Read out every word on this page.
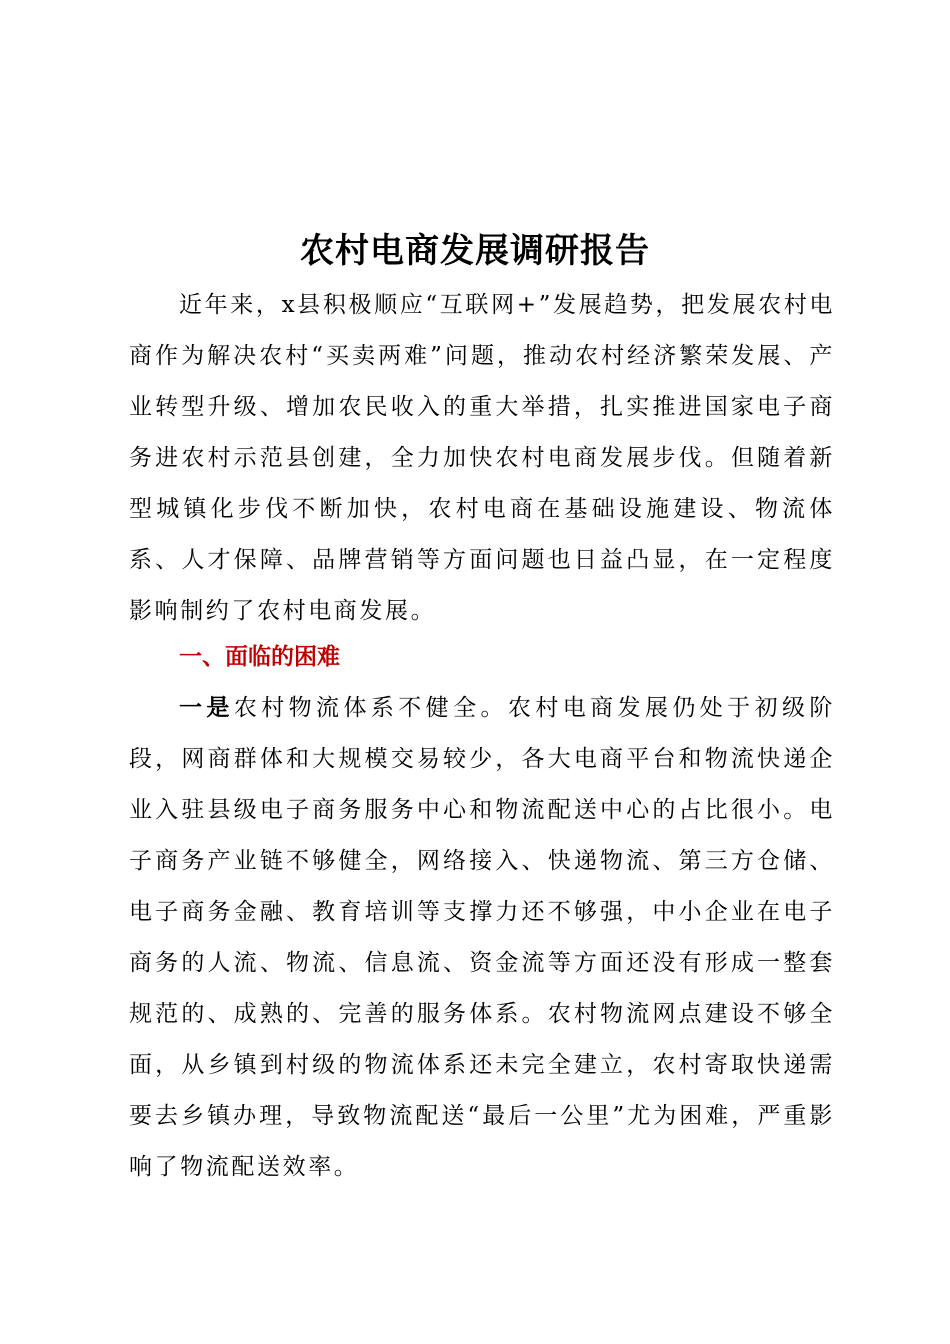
农村电商发展调研报告

近年来，x县积极顺应“互联网+”发展趋势，把发展农村电商作为解决农村“买卖两难”问题，推动农村经济繁荣发展、产业转型升级、增加农民收入的重大举措，扎实推进国家电子商务进农村示范县创建，全力加快农村电商发展步伐。但随着新型城镇化步伐不断加快，农村电商在基础设施建设、物流体系、人才保障、品牌营销等方面问题也日益凸显，在一定程度影响制约了农村电商发展。

一、面临的困难

一是农村物流体系不健全。农村电商发展仍处于初级阶段，网商群体和大规模交易较少，各大电商平台和物流快递企业入驻县级电子商务服务中心和物流配送中心的占比很小。电子商务产业链不够健全，网络接入、快递物流、第三方仓储、电子商务金融、教育培训等支撑力还不够强，中小企业在电子商务的人流、物流、信息流、资金流等方面还没有形成一整套规范的、成熟的、完善的服务体系。农村物流网点建设不够全面，从乡镇到村级的物流体系还未完全建立，农村寄取快递需要去乡镇办理，导致物流配送“最后一公里”尤为困难，严重影响了物流配送效率。
